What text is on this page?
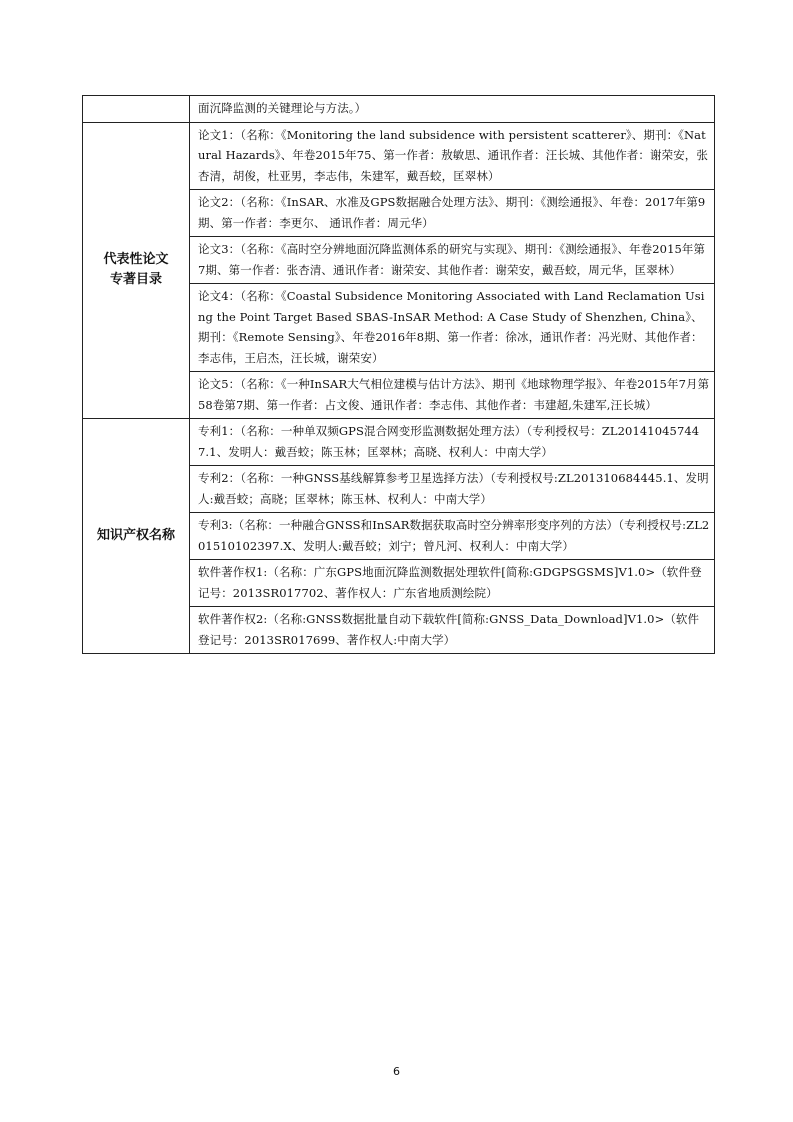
	面沉降监测的关键理论与方法。）

代表性论文
专著目录	论文1：（名称：《Monitoring the land subsidence with persistent scatterer》、期刊：《Natural Hazards》、年卷2015年75、第一作者：敖敏思、通讯作者：汪长城、其他作者：谢荣安，张杏清，胡俊，杜亚男，李志伟，朱建军，戴吾蛟，匡翠林）
	论文2：（名称：《InSAR、水准及GPS数据融合处理方法》、期刊：《测绘通报》、年卷：2017年第9期、第一作者：李更尔、 通讯作者：周元华）
	论文3：（名称：《高时空分辨地面沉降监测体系的研究与实现》、期刊：《测绘通报》、年卷2015年第7期、第一作者：张杏清、通讯作者：谢荣安、其他作者：谢荣安，戴吾蛟，周元华，匡翠林）
	论文4：（名称：《Coastal Subsidence Monitoring Associated with Land Reclamation Using the Point Target Based SBAS-InSAR Method: A Case Study of Shenzhen, China》、期刊：《Remote Sensing》、年卷2016年8期、第一作者：徐冰，通讯作者：冯光财、其他作者：李志伟，王启杰，汪长城，谢荣安）
	论文5：（名称：《一种InSAR大气相位建模与估计方法》、期刊《地球物理学报》、年卷2015年7月第58卷第7期、第一作者：占文俊、通讯作者：李志伟、其他作者：韦建超,朱建军,汪长城）
知识产权名称	专利1：（名称：一种单双频GPS混合网变形监测数据处理方法）（专利授权号：ZL201410457447.1、发明人：戴吾蛟；陈玉林；匡翠林；高晓、权利人：中南大学）
	专利2：（名称：一种GNSS基线解算参考卫星选择方法）（专利授权号:ZL201310684445.1、发明人:戴吾蛟；高晓；匡翠林；陈玉林、权利人：中南大学）
	专利3:（名称：一种融合GNSS和InSAR数据获取高时空分辨率形变序列的方法）（专利授权号:ZL201510102397.X、发明人:戴吾蛟；刘宁；曾凡河、权利人：中南大学）
	软件著作权1:（名称：广东GPS地面沉降监测数据处理软件[简称:GDGPSGSMS]V1.0>（软件登记号：2013SR017702、著作权人：广东省地质测绘院）
	软件著作权2:（名称:GNSS数据批量自动下载软件[简称:GNSS_Data_Download]V1.0>（软件登记号：2013SR017699、著作权人:中南大学）
6
